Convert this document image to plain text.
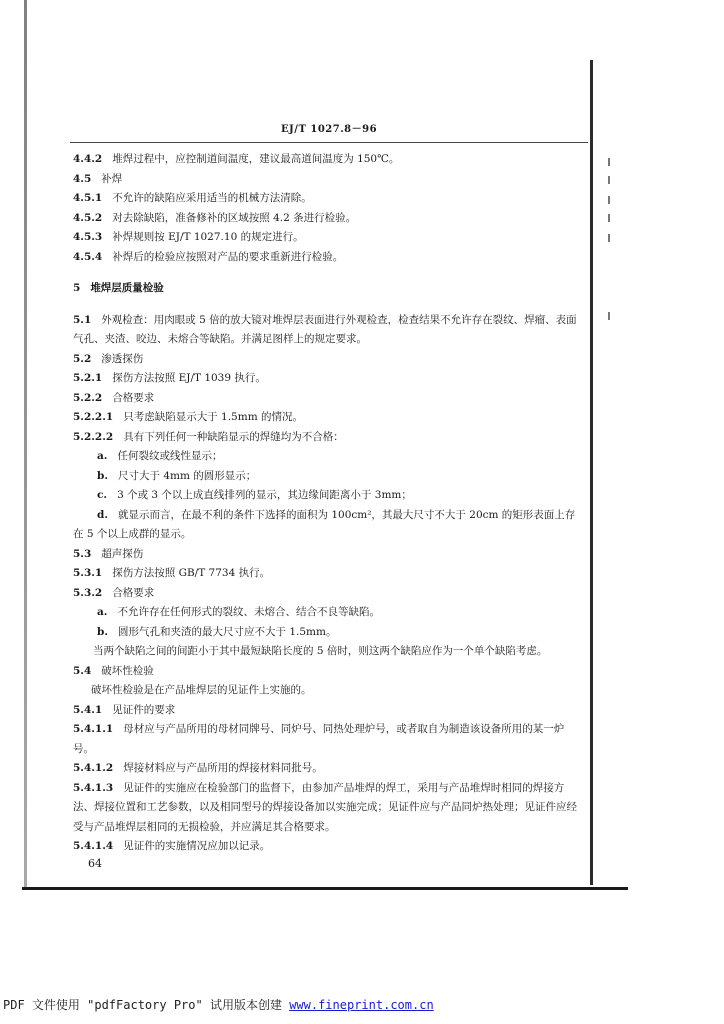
EJ/T 1027.8－96
4.4.2 堆焊过程中，应控制道间温度，建议最高道间温度为 150℃。
4.5 补焊
4.5.1 不允许的缺陷应采用适当的机械方法清除。
4.5.2 对去除缺陷，准备修补的区域按照 4.2 条进行检验。
4.5.3 补焊规则按 EJ/T 1027.10 的规定进行。
4.5.4 补焊后的检验应按照对产品的要求重新进行检验。
5 堆焊层质量检验
5.1 外观检查：用肉眼或 5 倍的放大镜对堆焊层表面进行外观检查，检查结果不允许存在裂纹、焊瘤、表面气孔、夹渣、咬边、未熔合等缺陷。并满足图样上的规定要求。
5.2 渗透探伤
5.2.1 探伤方法按照 EJ/T 1039 执行。
5.2.2 合格要求
5.2.2.1 只考虑缺陷显示大于 1.5mm 的情况。
5.2.2.2 具有下列任何一种缺陷显示的焊缝均为不合格：
a. 任何裂纹或线性显示；
b. 尺寸大于 4mm 的圆形显示；
c. 3 个或 3 个以上成直线排列的显示，其边缘间距离小于 3mm；
d. 就显示而言，在最不利的条件下选择的面积为 100cm²，其最大尺寸不大于 20cm 的矩形表面上存在 5 个以上成群的显示。
5.3 超声探伤
5.3.1 探伤方法按照 GB/T 7734 执行。
5.3.2 合格要求
a. 不允许存在任何形式的裂纹、未熔合、结合不良等缺陷。
b. 圆形气孔和夹渣的最大尺寸应不大于 1.5mm。
当两个缺陷之间的间距小于其中最短缺陷长度的 5 倍时，则这两个缺陷应作为一个单个缺陷考虑。
5.4 破坏性检验
破坏性检验是在产品堆焊层的见证件上实施的。
5.4.1 见证件的要求
5.4.1.1 母材应与产品所用的母材同牌号、同炉号、同热处理炉号，或者取自为制造该设备所用的某一炉号。
5.4.1.2 焊接材料应与产品所用的焊接材料同批号。
5.4.1.3 见证件的实施应在检验部门的监督下，由参加产品堆焊的焊工，采用与产品堆焊时相同的焊接方法、焊接位置和工艺参数，以及相同型号的焊接设备加以实施完成；见证件应与产品同炉热处理；见证件应经受与产品堆焊层相同的无损检验，并应满足其合格要求。
5.4.1.4 见证件的实施情况应加以记录。
64
PDF 文件使用 "pdfFactory Pro" 试用版本创建 www.fineprint.com.cn
